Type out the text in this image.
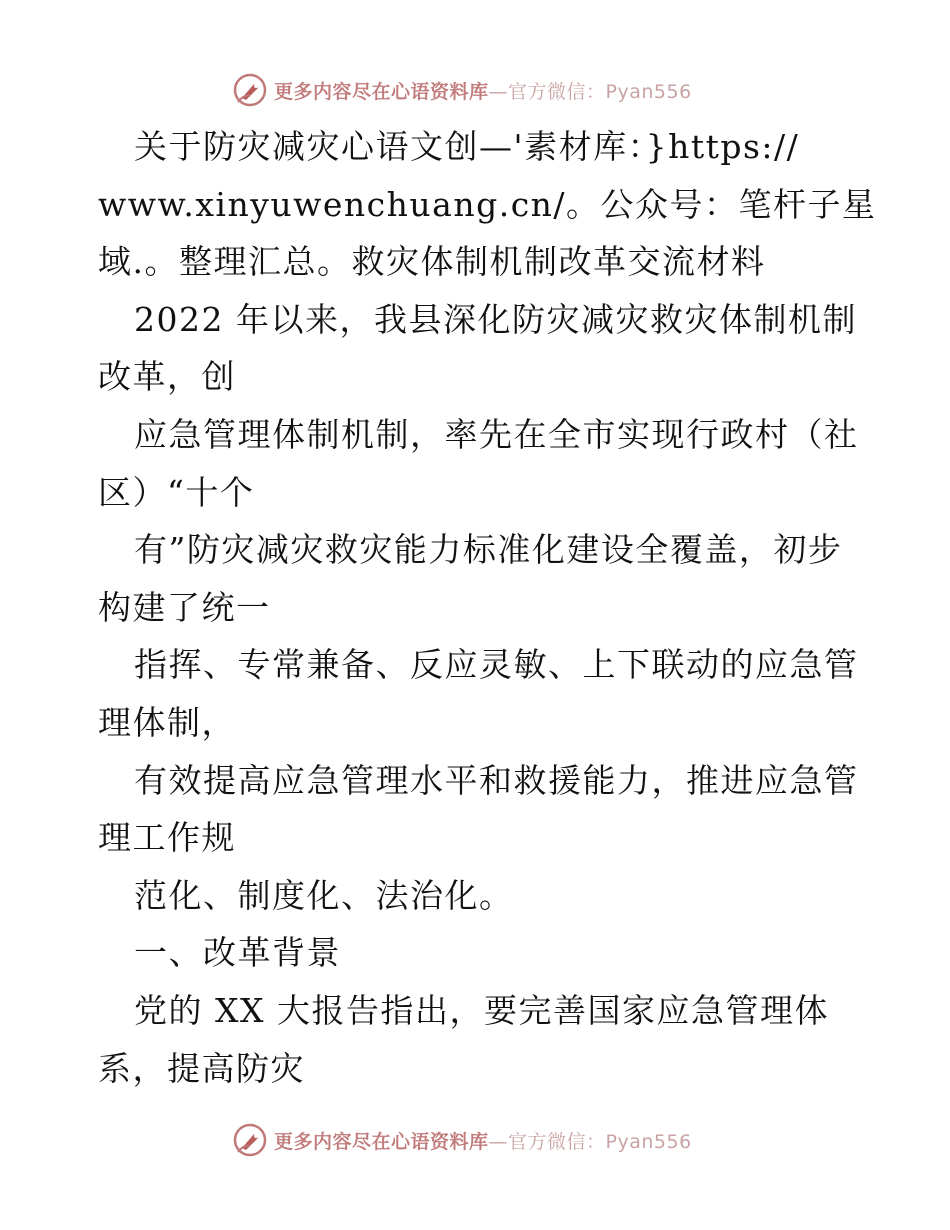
更多内容尽在心语资料库—官方微信：Pyan556
关于防灾减灾心语文创—'素材库：}https://
www.xinyuwenchuang.cn/。公众号：笔杆子星
域.。整理汇总。救灾体制机制改革交流材料
2022 年以来，我县深化防灾减灾救灾体制机制
改革，创
应急管理体制机制，率先在全市实现行政村（社
区）“十个
有”防灾减灾救灾能力标准化建设全覆盖，初步
构建了统一
指挥、专常兼备、反应灵敏、上下联动的应急管
理体制，
有效提高应急管理水平和救援能力，推进应急管
理工作规
范化、制度化、法治化。
一、改革背景
党的 XX 大报告指出，要完善国家应急管理体
系，提高防灾
更多内容尽在心语资料库—官方微信：Pyan556
